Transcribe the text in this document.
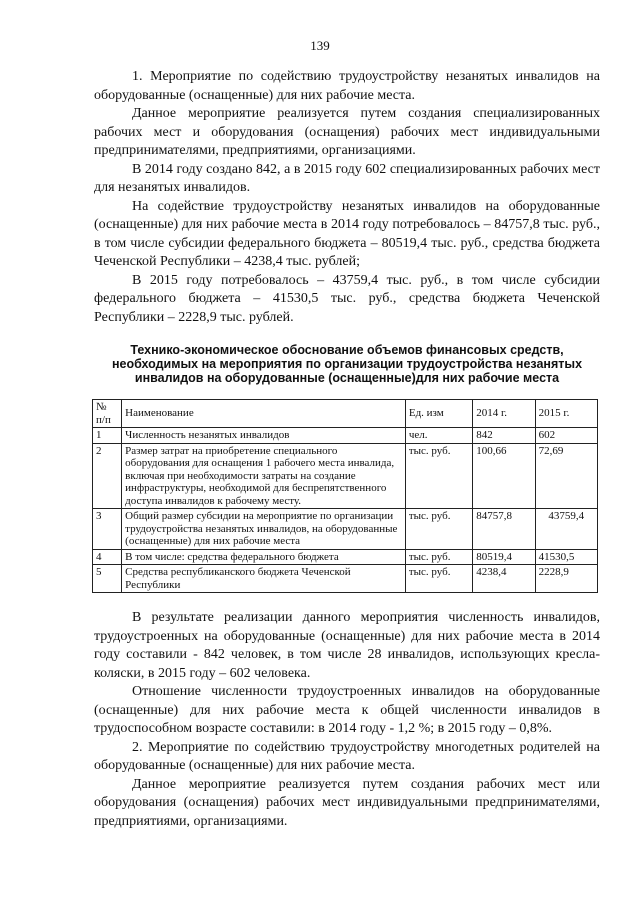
139

1. Мероприятие по содействию трудоустройству незанятых инвалидов на оборудованные (оснащенные) для них рабочие места.

Данное мероприятие реализуется путем создания специализированных рабочих мест и оборудования (оснащения) рабочих мест индивидуальными предпринимателями, предприятиями, организациями.

В 2014 году создано 842, а в 2015 году 602 специализированных рабочих мест для незанятых инвалидов.

На содействие трудоустройству незанятых инвалидов на оборудованные (оснащенные) для них рабочие места в 2014 году потребовалось – 84757,8 тыс. руб., в том числе субсидии федерального бюджета – 80519,4 тыс. руб., средства бюджета Чеченской Республики – 4238,4 тыс. рублей;

В 2015 году потребовалось – 43759,4 тыс. руб., в том числе субсидии федерального бюджета – 41530,5 тыс. руб., средства бюджета Чеченской Республики – 2228,9 тыс. рублей.

Технико-экономическое обоснование объемов финансовых средств, необходимых на мероприятия по организации трудоустройства незанятых инвалидов на оборудованные (оснащенные)для них рабочие места
№ п/п	Наименование	Ед. изм	2014 г.	2015 г.
1	Численность незанятых инвалидов	чел.	842	602
2	Размер затрат на приобретение специального оборудования для оснащения 1 рабочего места инвалида, включая при необходимости затраты на создание инфраструктуры, необходимой для беспрепятственного доступа инвалидов к рабочему месту.	тыс. руб.	100,66	72,69
3	Общий размер субсидии на мероприятие по организации трудоустройства незанятых инвалидов, на оборудованные (оснащенные) для них рабочие места	тыс. руб.	84757,8	43759,4
4	В том числе: средства федерального бюджета	тыс. руб.	80519,4	41530,5
5	Средства республиканского бюджета Чеченской Республики	тыс. руб.	4238,4	2228,9

В результате реализации данного мероприятия численность инвалидов, трудоустроенных на оборудованные (оснащенные) для них рабочие места в 2014 году составили - 842 человек, в том числе 28 инвалидов, использующих кресла-коляски, в 2015 году – 602 человека.

Отношение численности трудоустроенных инвалидов на оборудованные (оснащенные) для них рабочие места к общей численности инвалидов в трудоспособном возрасте составили: в 2014 году - 1,2 %; в 2015 году – 0,8%.

2. Мероприятие по содействию трудоустройству многодетных родителей на оборудованные (оснащенные) для них рабочие места.

Данное мероприятие реализуется путем создания рабочих мест или оборудования (оснащения) рабочих мест индивидуальными предпринимателями, предприятиями, организациями.
